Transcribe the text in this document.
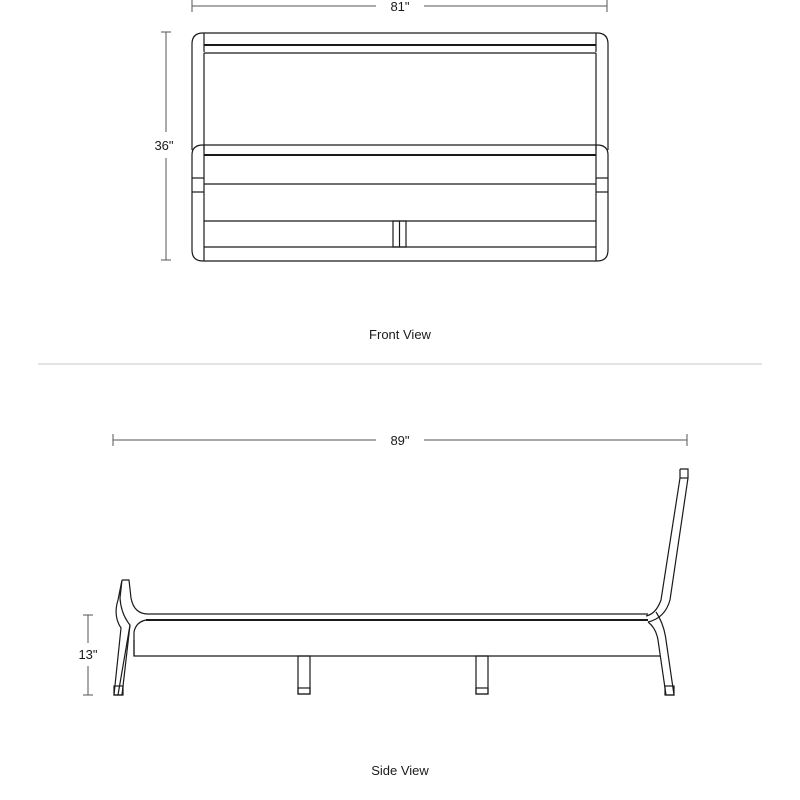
81"
36"
Front View
89"
13"
Side View
